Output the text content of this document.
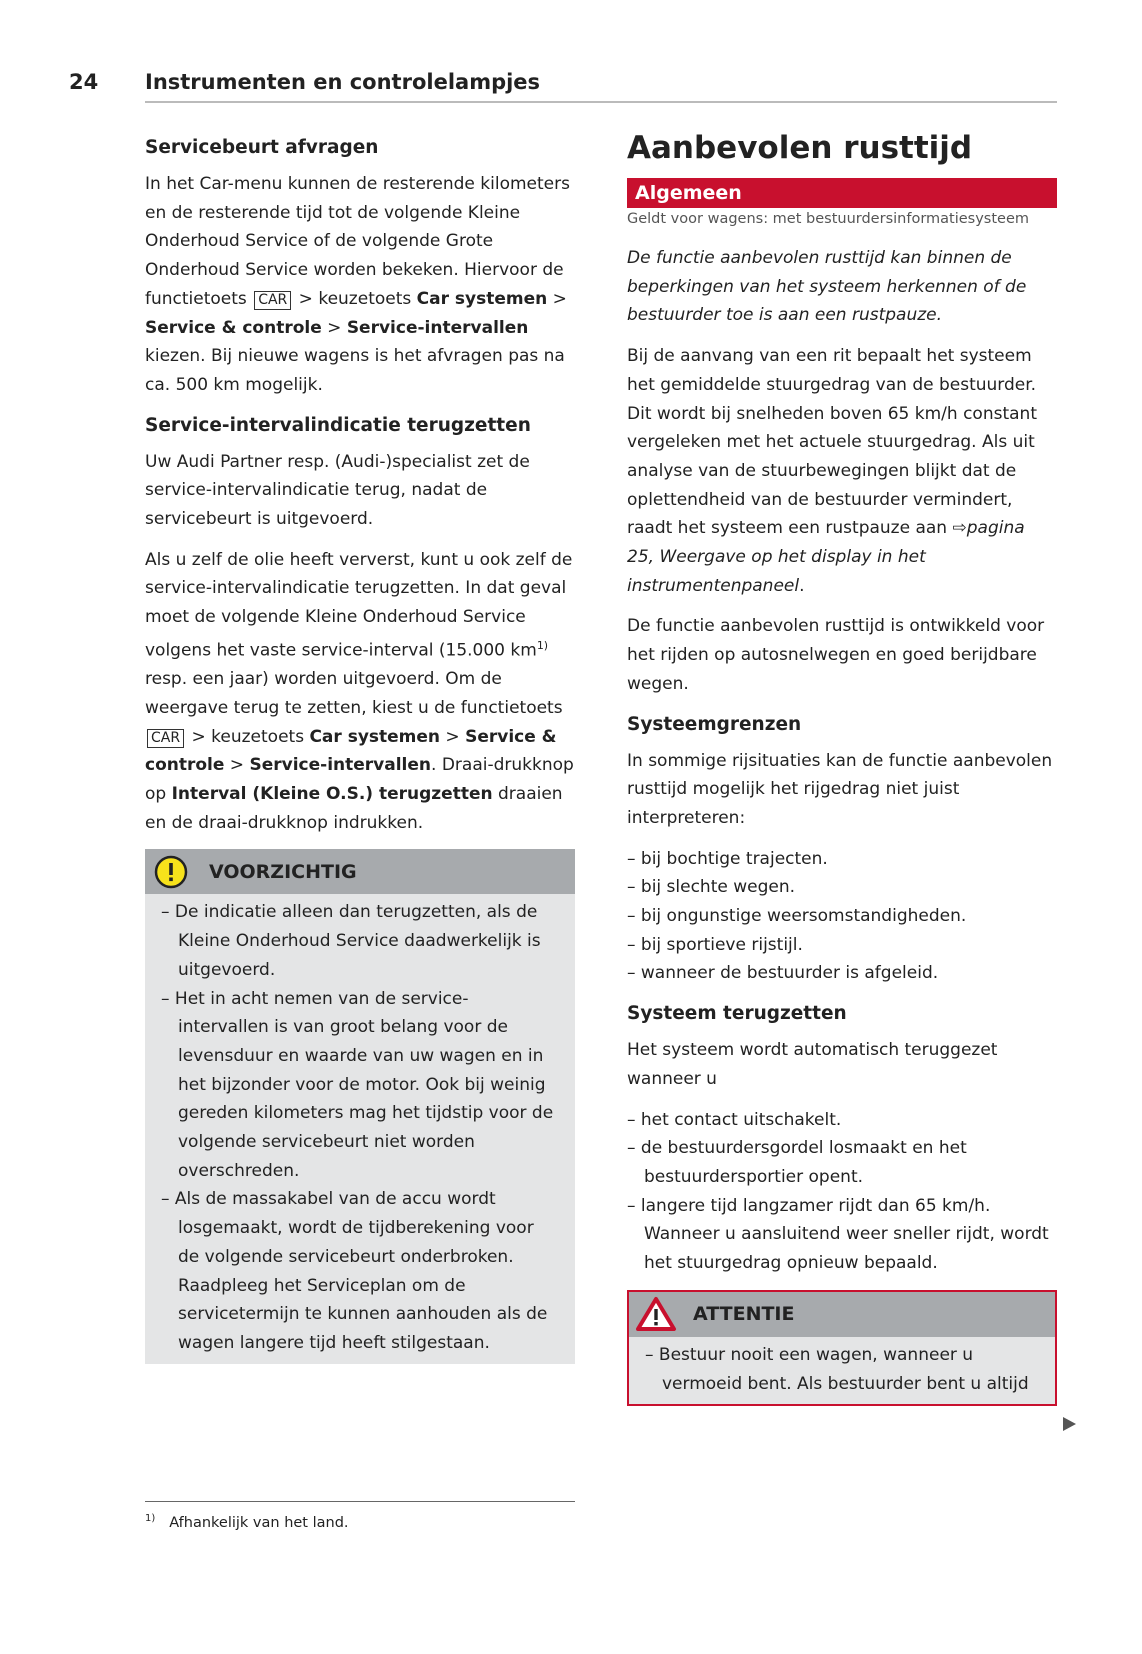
24 Instrumenten en controlelampjes
Servicebeurt afvragen

In het Car-menu kunnen de resterende kilometers en de resterende tijd tot de volgende Kleine Onderhoud Service of de volgende Grote Onderhoud Service worden bekeken. Hiervoor de functietoets CAR > keuzetoets Car systemen > Service & controle > Service-intervallen kiezen. Bij nieuwe wagens is het afvragen pas na ca. 500 km mogelijk.

Service-intervalindicatie terugzetten

Uw Audi Partner resp. (Audi-)specialist zet de service-intervalindicatie terug, nadat de servicebeurt is uitgevoerd.

Als u zelf de olie heeft ververst, kunt u ook zelf de service-intervalindicatie terugzetten. In dat geval moet de volgende Kleine Onderhoud Service volgens het vaste service-interval (15.000 $km^{1)}$ resp. een jaar) worden uitgevoerd. Om de weergave terug te zetten, kiest u de functietoets CAR > keuzetoets Car systemen > Service & controle > Service-intervallen. Draai-drukknop op Interval (Kleine O.S.) terugzetten draaien en de draai-drukknop indrukken.

VOORZICHTIG
– De indicatie alleen dan terugzetten, als de Kleine Onderhoud Service daadwerkelijk is uitgevoerd.
– Het in acht nemen van de service-intervallen is van groot belang voor de levensduur en waarde van uw wagen en in het bijzonder voor de motor. Ook bij weinig gereden kilometers mag het tijdstip voor de volgende servicebeurt niet worden overschreden.
– Als de massakabel van de accu wordt losgemaakt, wordt de tijdberekening voor de volgende servicebeurt onderbroken. Raadpleeg het Serviceplan om de servicetermijn te kunnen aanhouden als de wagen langere tijd heeft stilgestaan.
Aanbevolen rusttijd
Algemeen
Geldt voor wagens: met bestuurdersinformatiesysteem

De functie aanbevolen rusttijd kan binnen de beperkingen van het systeem herkennen of de bestuurder toe is aan een rustpauze.

Bij de aanvang van een rit bepaalt het systeem het gemiddelde stuurgedrag van de bestuurder. Dit wordt bij snelheden boven 65 km/h constant vergeleken met het actuele stuurgedrag. Als uit analyse van de stuurbewegingen blijkt dat de oplettendheid van de bestuurder vermindert, raadt het systeem een rustpauze aan ⇨pagina 25, Weergave op het display in het instrumentenpaneel.

De functie aanbevolen rusttijd is ontwikkeld voor het rijden op autosnelwegen en goed berijdbare wegen.

Systeemgrenzen

In sommige rijsituaties kan de functie aanbevolen rusttijd mogelijk het rijgedrag niet juist interpreteren:

– bij bochtige trajecten.
– bij slechte wegen.
– bij ongunstige weersomstandigheden.
– bij sportieve rijstijl.
– wanneer de bestuurder is afgeleid.
Systeem terugzetten

Het systeem wordt automatisch teruggezet wanneer u

– het contact uitschakelt.
– de bestuurdersgordel losmaakt en het bestuurdersportier opent.
– langere tijd langzamer rijdt dan 65 km/h. Wanneer u aansluitend weer sneller rijdt, wordt het stuurgedrag opnieuw bepaald.
ATTENTIE
– Bestuur nooit een wagen, wanneer u vermoeid bent. Als bestuurder bent u altijd
$^{1)}$ Afhankelijk van het land.
